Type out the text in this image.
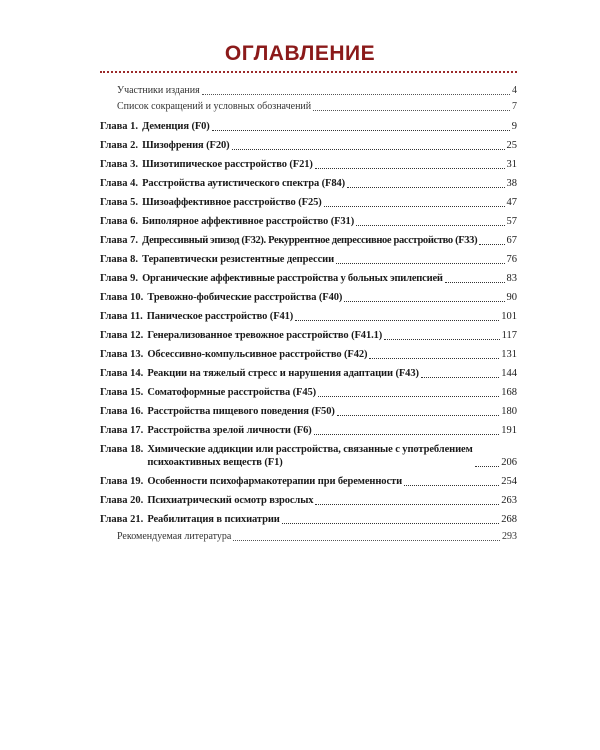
ОГЛАВЛЕНИЕ
Участники издания	4
Список сокращений и условных обозначений	7
Глава 1. Деменция (F0)	9
Глава 2. Шизофрения (F20)	25
Глава 3. Шизотипическое расстройство (F21)	31
Глава 4. Расстройства аутистического спектра (F84)	38
Глава 5. Шизоаффективное расстройство (F25)	47
Глава 6. Биполярное аффективное расстройство (F31)	57
Глава 7. Депрессивный эпизод (F32). Рекуррентное депрессивное расстройство (F33)	67
Глава 8. Терапевтически резистентные депрессии	76
Глава 9. Органические аффективные расстройства у больных эпилепсией	83
Глава 10. Тревожно-фобические расстройства (F40)	90
Глава 11. Паническое расстройство (F41)	101
Глава 12. Генерализованное тревожное расстройство (F41.1)	117
Глава 13. Обсессивно-компульсивное расстройство (F42)	131
Глава 14. Реакции на тяжелый стресс и нарушения адаптации (F43)	144
Глава 15. Соматоформные расстройства (F45)	168
Глава 16. Расстройства пищевого поведения (F50)	180
Глава 17. Расстройства зрелой личности (F6)	191
Глава 18. Химические аддикции или расстройства, связанные с употреблением
психоактивных веществ (F1)	206
Глава 19. Особенности психофармакотерапии при беременности	254
Глава 20. Психиатрический осмотр взрослых	263
Глава 21. Реабилитация в психиатрии	268
Рекомендуемая литература	293
